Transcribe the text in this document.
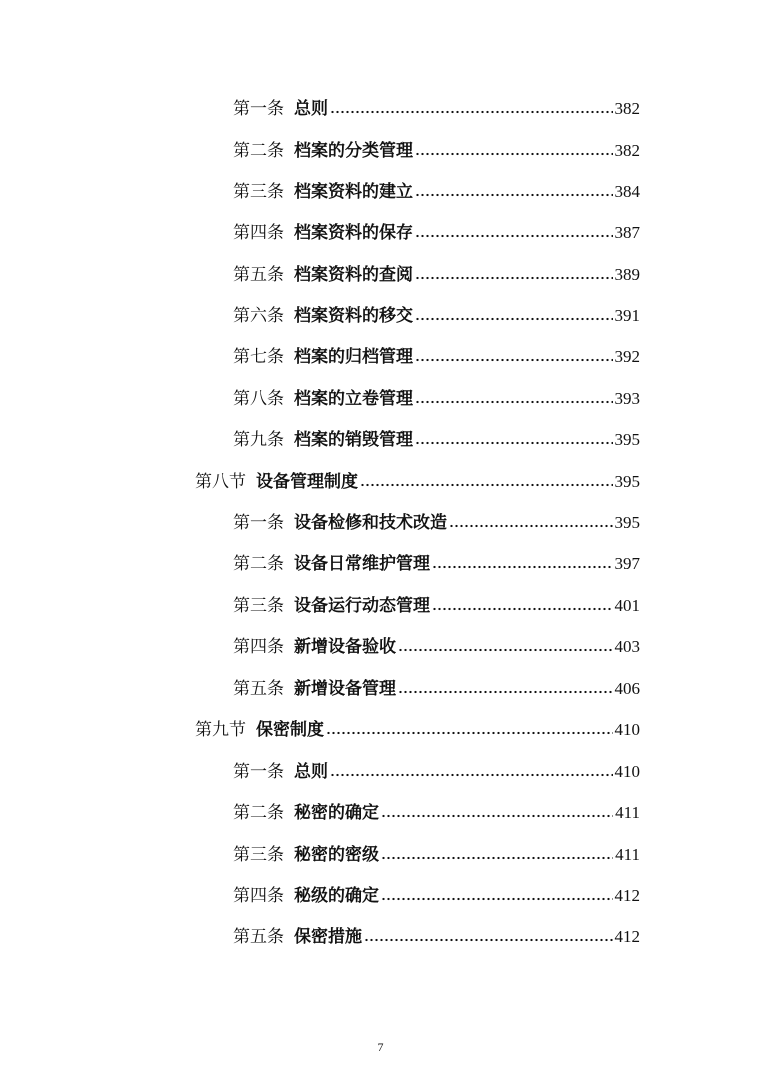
第一条 总则	382
第二条 档案的分类管理	382
第三条 档案资料的建立	384
第四条 档案资料的保存	387
第五条 档案资料的查阅	389
第六条 档案资料的移交	391
第七条 档案的归档管理	392
第八条 档案的立卷管理	393
第九条 档案的销毁管理	395
第八节 设备管理制度	395
第一条 设备检修和技术改造	395
第二条 设备日常维护管理	397
第三条 设备运行动态管理	401
第四条 新增设备验收	403
第五条 新增设备管理	406
第九节 保密制度	410
第一条 总则	410
第二条 秘密的确定	411
第三条 秘密的密级	411
第四条 秘级的确定	412
第五条 保密措施	412
7
